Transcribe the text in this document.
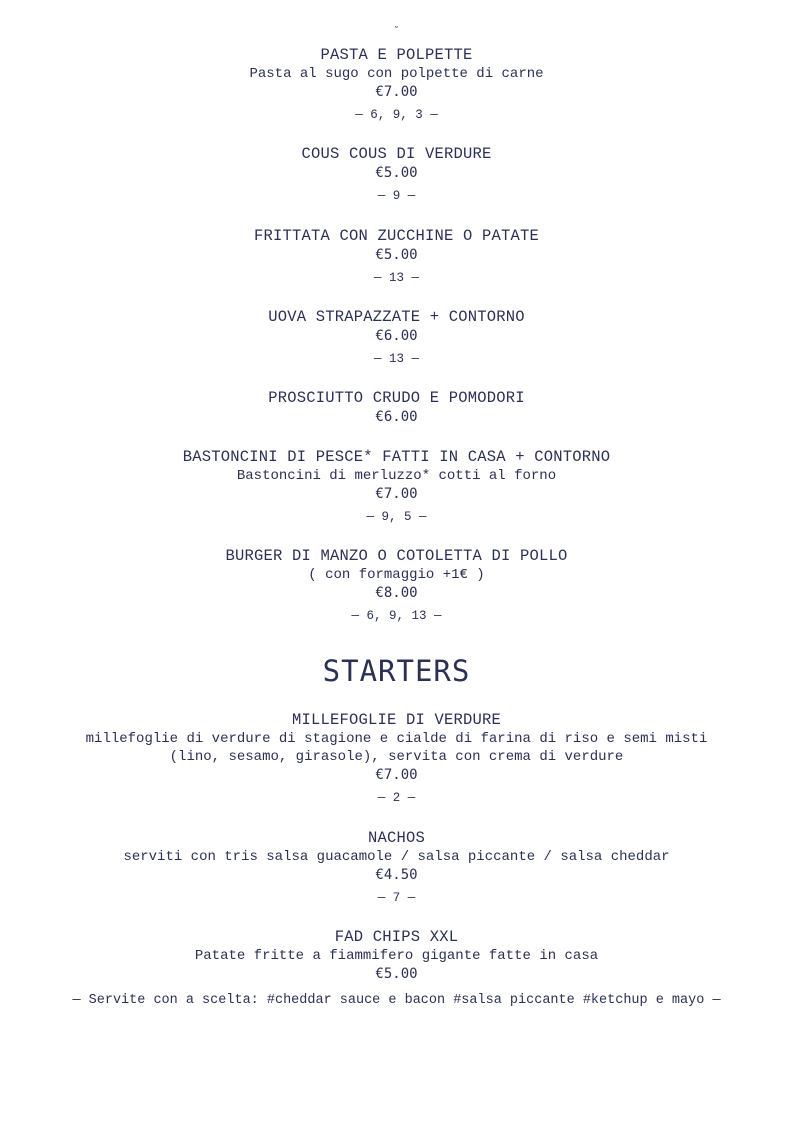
˘
PASTA E POLPETTE
Pasta al sugo con polpette di carne
€7.00
— 6, 9, 3 —
COUS COUS DI VERDURE
€5.00
— 9 —
FRITTATA CON ZUCCHINE O PATATE
€5.00
— 13 —
UOVA STRAPAZZATE + CONTORNO
€6.00
— 13 —
PROSCIUTTO CRUDO E POMODORI
€6.00
BASTONCINI DI PESCE* FATTI IN CASA + CONTORNO
Bastoncini di merluzzo* cotti al forno
€7.00
— 9, 5 —
BURGER DI MANZO O COTOLETTA DI POLLO
( con formaggio +1€ )
€8.00
— 6, 9, 13 —
STARTERS
MILLEFOGLIE DI VERDURE
millefoglie di verdure di stagione e cialde di farina di riso e semi misti
(lino, sesamo, girasole), servita con crema di verdure
€7.00
— 2 —
NACHOS
serviti con tris salsa guacamole / salsa piccante / salsa cheddar
€4.50
— 7 —
FAD CHIPS XXL
Patate fritte a fiammifero gigante fatte in casa
€5.00
— Servite con a scelta: #cheddar sauce e bacon #salsa piccante #ketchup e mayo —
